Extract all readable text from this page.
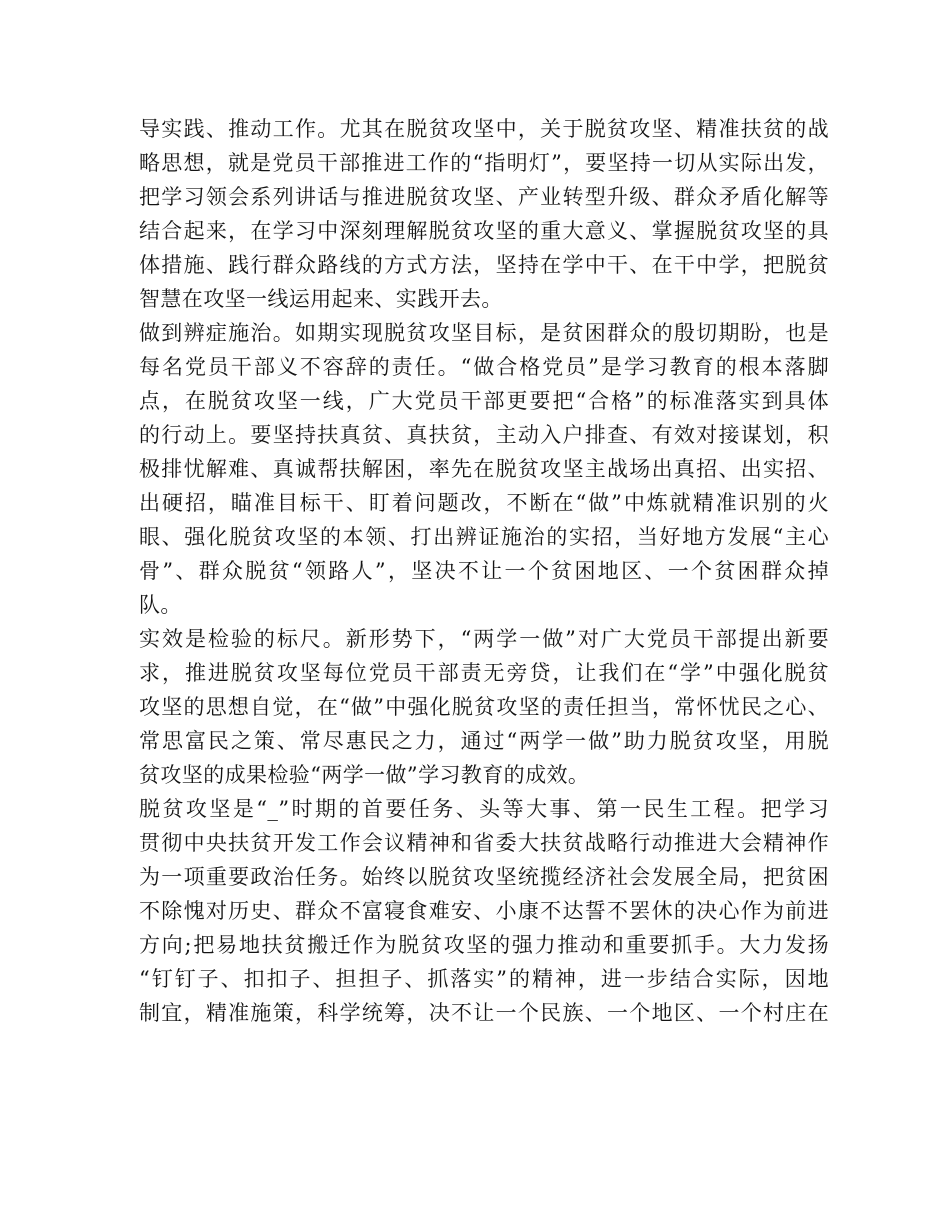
导实践、推动工作。尤其在脱贫攻坚中，关于脱贫攻坚、精准扶贫的战
略思想，就是党员干部推进工作的“指明灯”，要坚持一切从实际出发，
把学习领会系列讲话与推进脱贫攻坚、产业转型升级、群众矛盾化解等
结合起来，在学习中深刻理解脱贫攻坚的重大意义、掌握脱贫攻坚的具
体措施、践行群众路线的方式方法，坚持在学中干、在干中学，把脱贫
智慧在攻坚一线运用起来、实践开去。
做到辨症施治。如期实现脱贫攻坚目标，是贫困群众的殷切期盼，也是
每名党员干部义不容辞的责任。“做合格党员”是学习教育的根本落脚
点，在脱贫攻坚一线，广大党员干部更要把“合格”的标准落实到具体
的行动上。要坚持扶真贫、真扶贫，主动入户排查、有效对接谋划，积
极排忧解难、真诚帮扶解困，率先在脱贫攻坚主战场出真招、出实招、
出硬招，瞄准目标干、盯着问题改，不断在“做”中炼就精准识别的火
眼、强化脱贫攻坚的本领、打出辨证施治的实招，当好地方发展“主心
骨”、群众脱贫“领路人”，坚决不让一个贫困地区、一个贫困群众掉
队。
实效是检验的标尺。新形势下，“两学一做”对广大党员干部提出新要
求，推进脱贫攻坚每位党员干部责无旁贷，让我们在“学”中强化脱贫
攻坚的思想自觉，在“做”中强化脱贫攻坚的责任担当，常怀忧民之心、
常思富民之策、常尽惠民之力，通过“两学一做”助力脱贫攻坚，用脱
贫攻坚的成果检验“两学一做”学习教育的成效。
脱贫攻坚是“_”时期的首要任务、头等大事、第一民生工程。把学习
贯彻中央扶贫开发工作会议精神和省委大扶贫战略行动推进大会精神作
为一项重要政治任务。始终以脱贫攻坚统揽经济社会发展全局，把贫困
不除愧对历史、群众不富寝食难安、小康不达誓不罢休的决心作为前进
方向;把易地扶贫搬迁作为脱贫攻坚的强力推动和重要抓手。大力发扬
“钉钉子、扣扣子、担担子、抓落实”的精神，进一步结合实际，因地
制宜，精准施策，科学统筹，决不让一个民族、一个地区、一个村庄在
